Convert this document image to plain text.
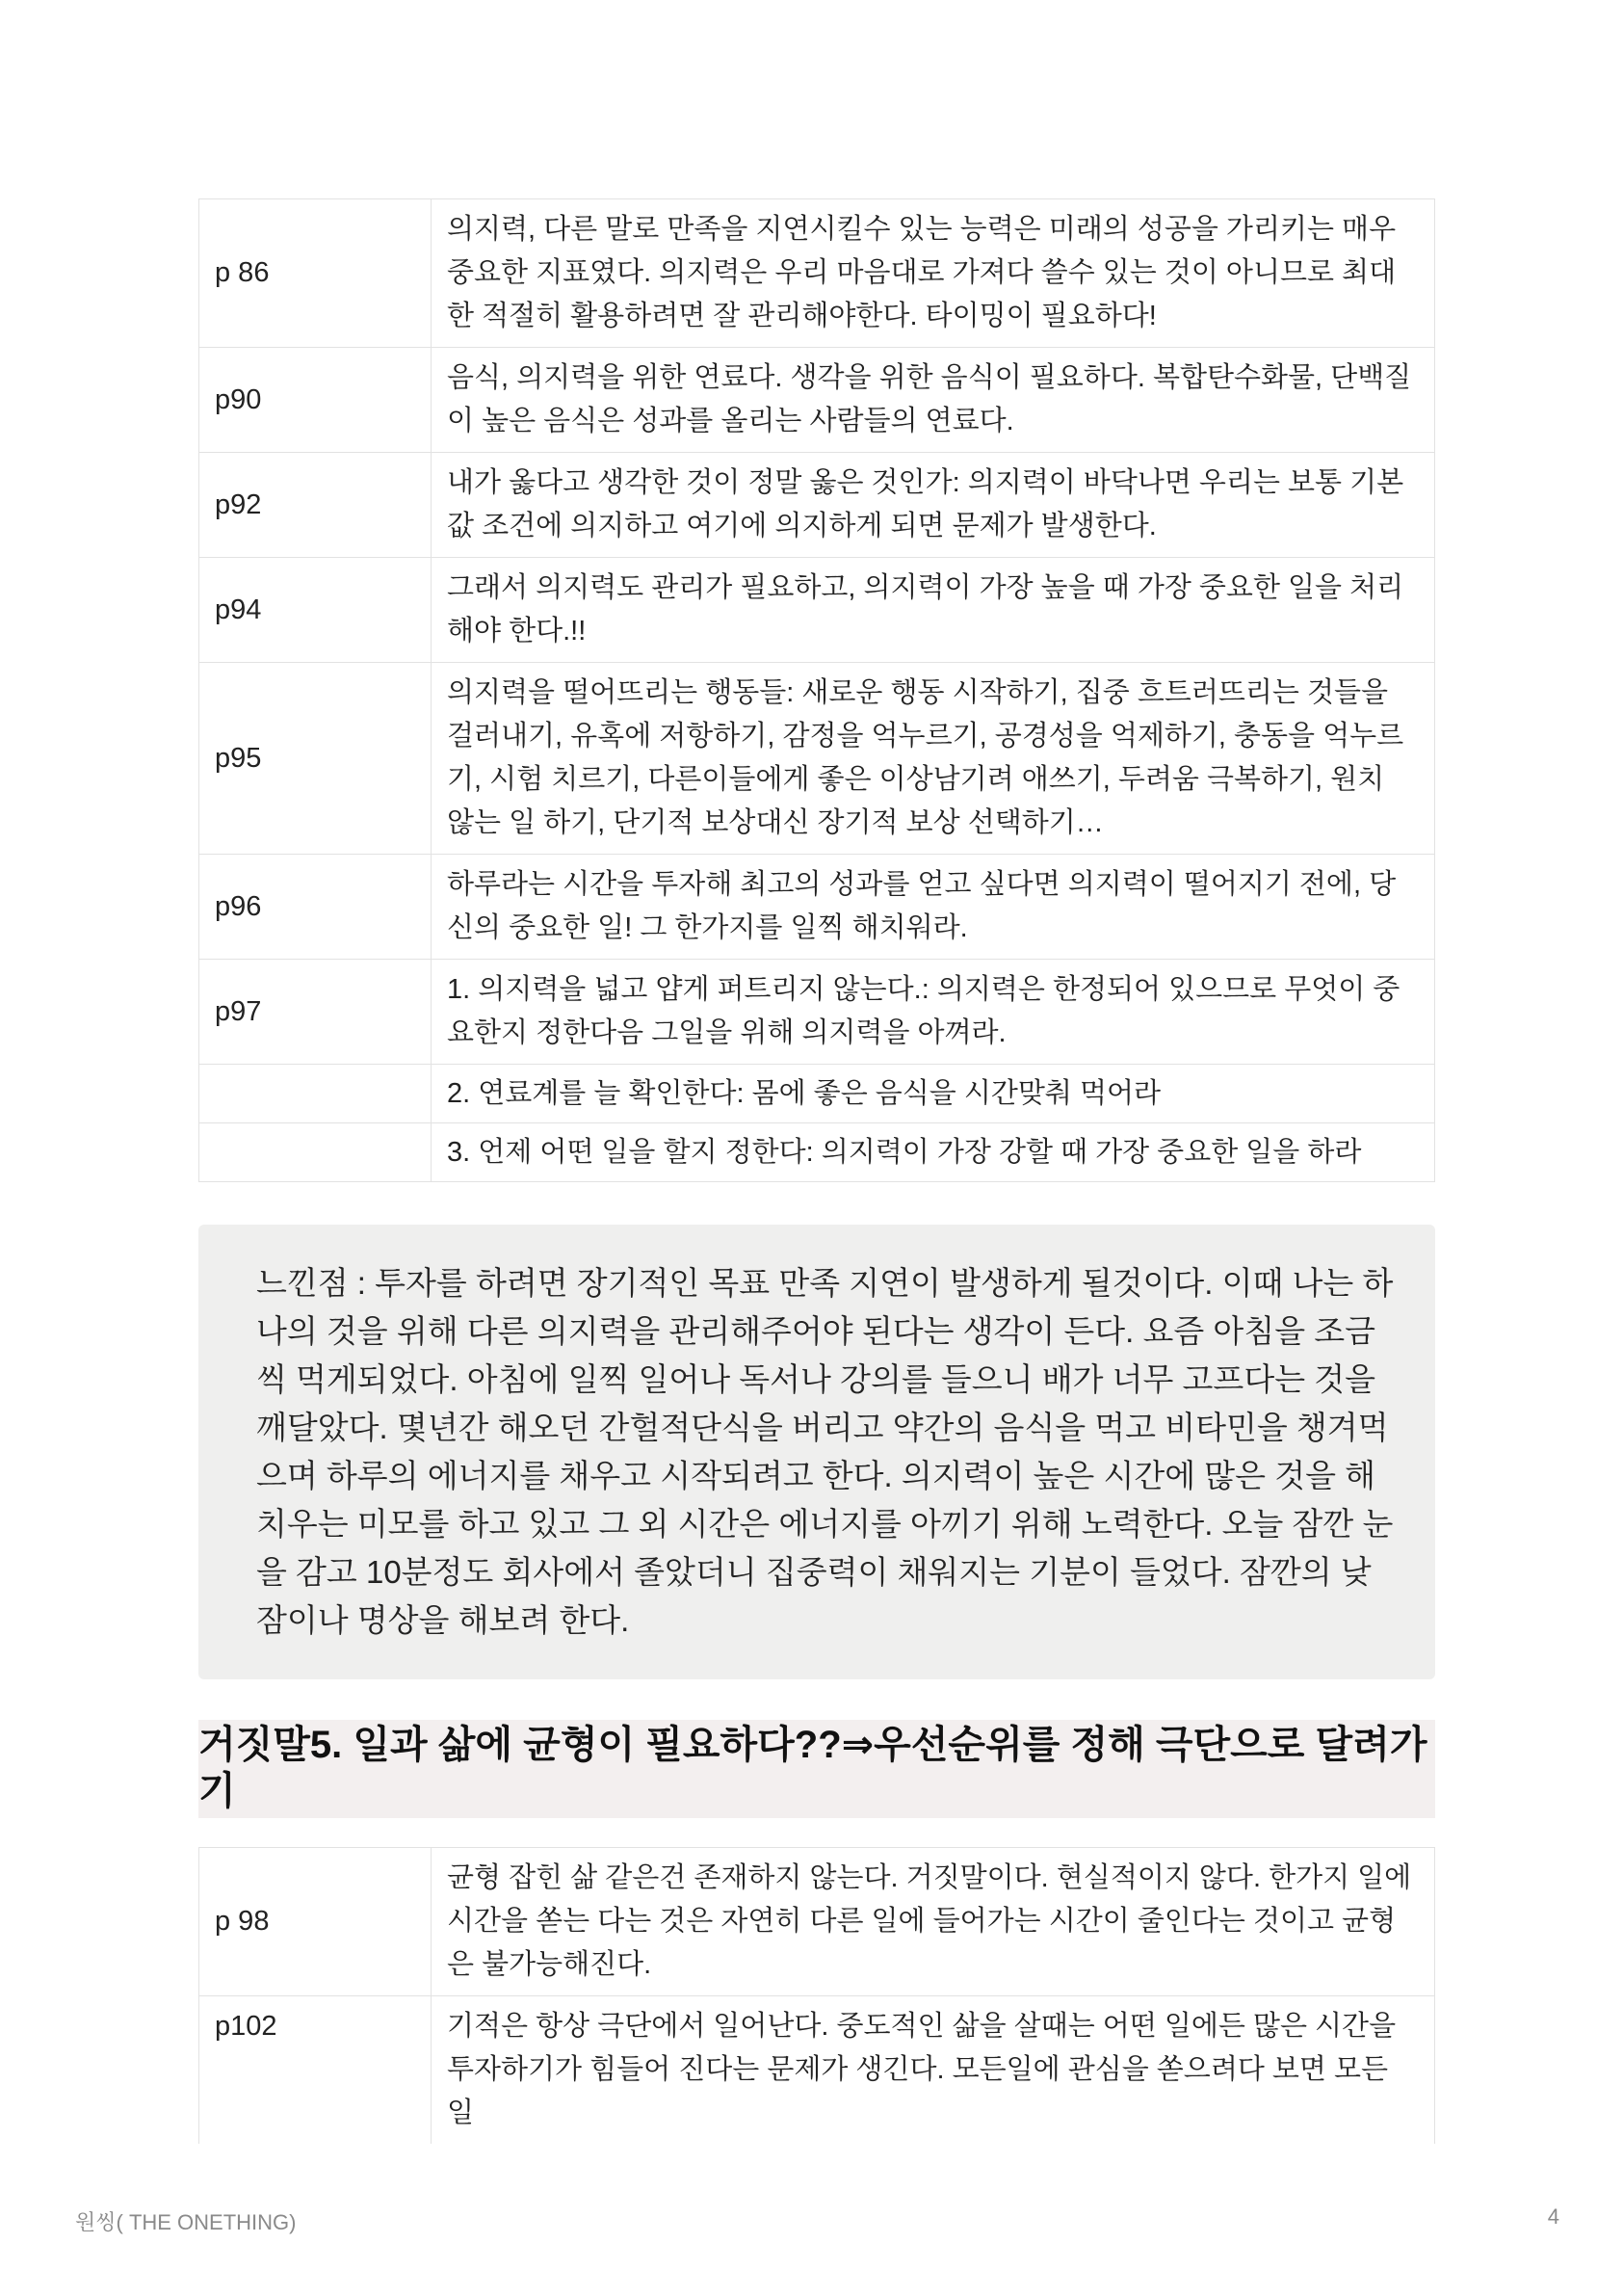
p 86	의지력, 다른 말로 만족을 지연시킬수 있는 능력은 미래의 성공을 가리키는 매우 중요한 지표였다. 의지력은 우리 마음대로 가져다 쓸수 있는 것이 아니므로 최대한 적절히 활용하려면 잘 관리해야한다. 타이밍이 필요하다!
p90	음식, 의지력을 위한 연료다. 생각을 위한 음식이 필요하다. 복합탄수화물, 단백질이 높은 음식은 성과를 올리는 사람들의 연료다.
p92	내가 옳다고 생각한 것이 정말 옳은 것인가: 의지력이 바닥나면 우리는 보통 기본값 조건에 의지하고 여기에 의지하게 되면 문제가 발생한다.
p94	그래서 의지력도 관리가 필요하고, 의지력이 가장 높을 때 가장 중요한 일을 처리해야 한다.!!
p95	의지력을 떨어뜨리는 행동들: 새로운 행동 시작하기, 집중 흐트러뜨리는 것들을 걸러내기, 유혹에 저항하기, 감정을 억누르기, 공경성을 억제하기, 충동을 억누르기, 시험 치르기, 다른이들에게 좋은 이상남기려 애쓰기, 두려움 극복하기, 원치 않는 일 하기, 단기적 보상대신 장기적 보상 선택하기…
p96	하루라는 시간을 투자해 최고의 성과를 얻고 싶다면 의지력이 떨어지기 전에, 당신의 중요한 일! 그 한가지를 일찍 해치워라.
p97	1. 의지력을 넓고 얍게 퍼트리지 않는다.: 의지력은 한정되어 있으므로 무엇이 중요한지 정한다음 그일을 위해 의지력을 아껴라.
	2. 연료계를 늘 확인한다: 몸에 좋은 음식을 시간맞춰 먹어라
	3. 언제 어떤 일을 할지 정한다: 의지력이 가장 강할 때 가장 중요한 일을 하라
느낀점 : 투자를 하려면 장기적인 목표 만족 지연이 발생하게 될것이다. 이때 나는 하나의 것을 위해 다른 의지력을 관리해주어야 된다는 생각이 든다. 요즘 아침을 조금씩 먹게되었다. 아침에 일찍 일어나 독서나 강의를 들으니 배가 너무 고프다는 것을 깨달았다. 몇년간 해오던 간헐적단식을 버리고 약간의 음식을 먹고 비타민을 챙겨먹으며 하루의 에너지를 채우고 시작되려고 한다. 의지력이 높은 시간에 많은 것을 해치우는 미모를 하고 있고 그 외 시간은 에너지를 아끼기 위해 노력한다. 오늘 잠깐 눈을 감고 10분정도 회사에서 졸았더니 집중력이 채워지는 기분이 들었다. 잠깐의 낮잠이나 명상을 해보려 한다.
거짓말5. 일과 삶에 균형이 필요하다??⇒우선순위를 정해 극단으로 달려가기
p 98	균형 잡힌 삶 같은건 존재하지 않는다. 거짓말이다. 현실적이지 않다. 한가지 일에 시간을 쏟는 다는 것은 자연히 다른 일에 들어가는 시간이 줄인다는 것이고 균형은 불가능해진다.
p102	기적은 항상 극단에서 일어난다. 중도적인 삶을 살때는 어떤 일에든 많은 시간을 투자하기가 힘들어 진다는 문제가 생긴다. 모든일에 관심을 쏟으려다 보면 모든일
원씽( THE ONETHING)	4
